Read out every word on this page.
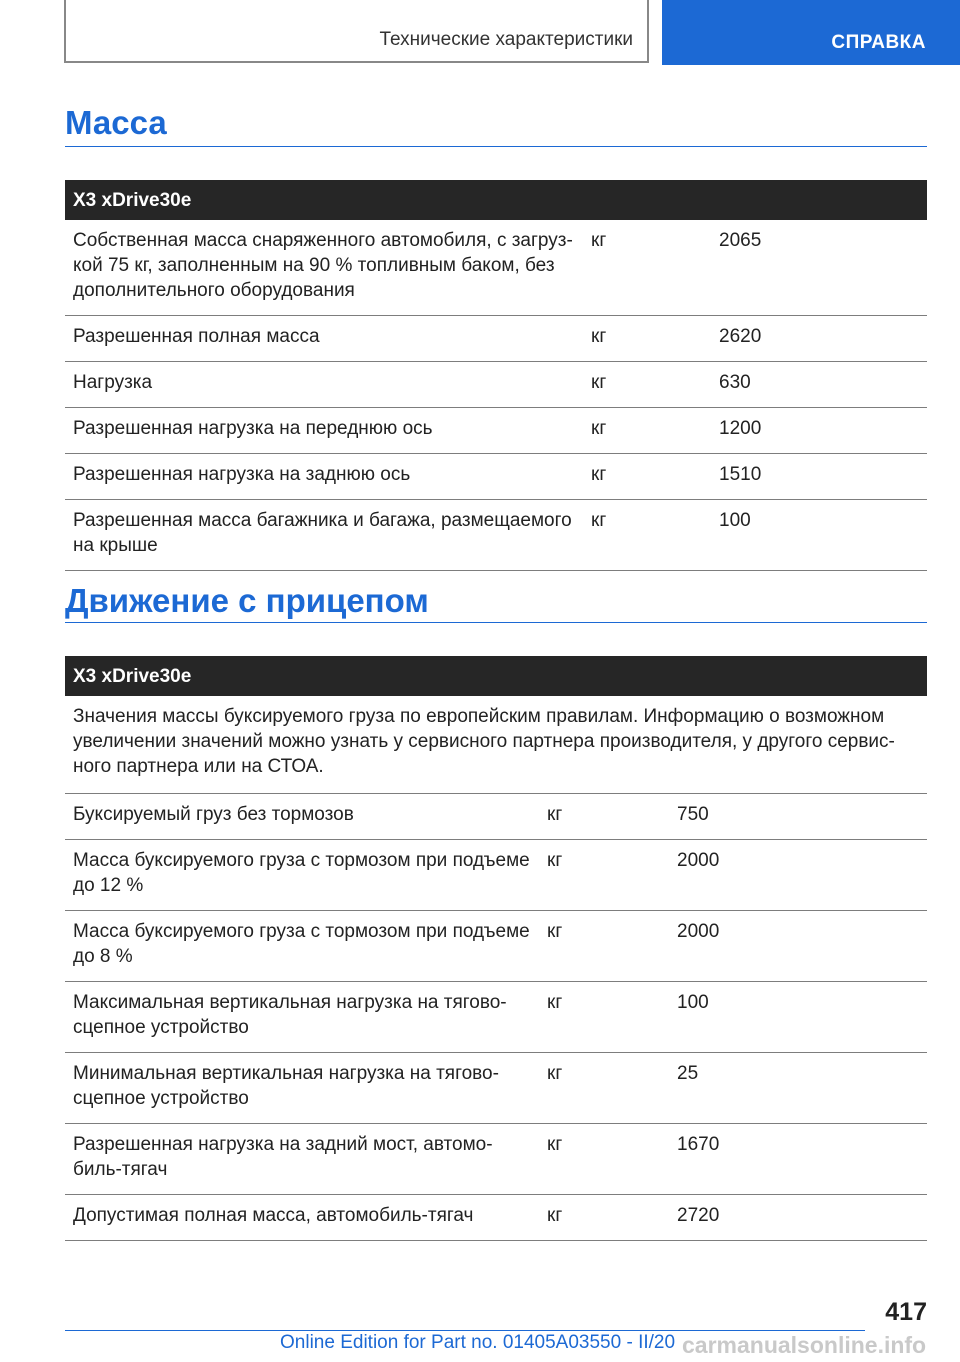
Технические характеристики	СПРАВКА
Масса
X3 xDrive30e		
Собственная масса снаряженного автомобиля, с загрузкой 75 кг, заполненным на 90 % топливным баком, без дополнительного оборудования	кг	2065
Разрешенная полная масса	кг	2620
Нагрузка	кг	630
Разрешенная нагрузка на переднюю ось	кг	1200
Разрешенная нагрузка на заднюю ось	кг	1510
Разрешенная масса багажника и багажа, размещаемого на крыше	кг	100
Движение с прицепом
X3 xDrive30e		
Значения массы буксируемого груза по европейским правилам. Информацию о возможном увеличении значений можно узнать у сервисного партнера производителя, у другого сервисного партнера или на СТОА.		
Буксируемый груз без тормозов	кг	750
Масса буксируемого груза с тормозом при подъеме до 12 %	кг	2000
Масса буксируемого груза с тормозом при подъеме до 8 %	кг	2000
Максимальная вертикальная нагрузка на тягово-сцепное устройство	кг	100
Минимальная вертикальная нагрузка на тягово-сцепное устройство	кг	25
Разрешенная нагрузка на задний мост, автомобиль-тягач	кг	1670
Допустимая полная масса, автомобиль-тягач	кг	2720
417
Online Edition for Part no. 01405A03550 - II/20 carmanualsonline.info
